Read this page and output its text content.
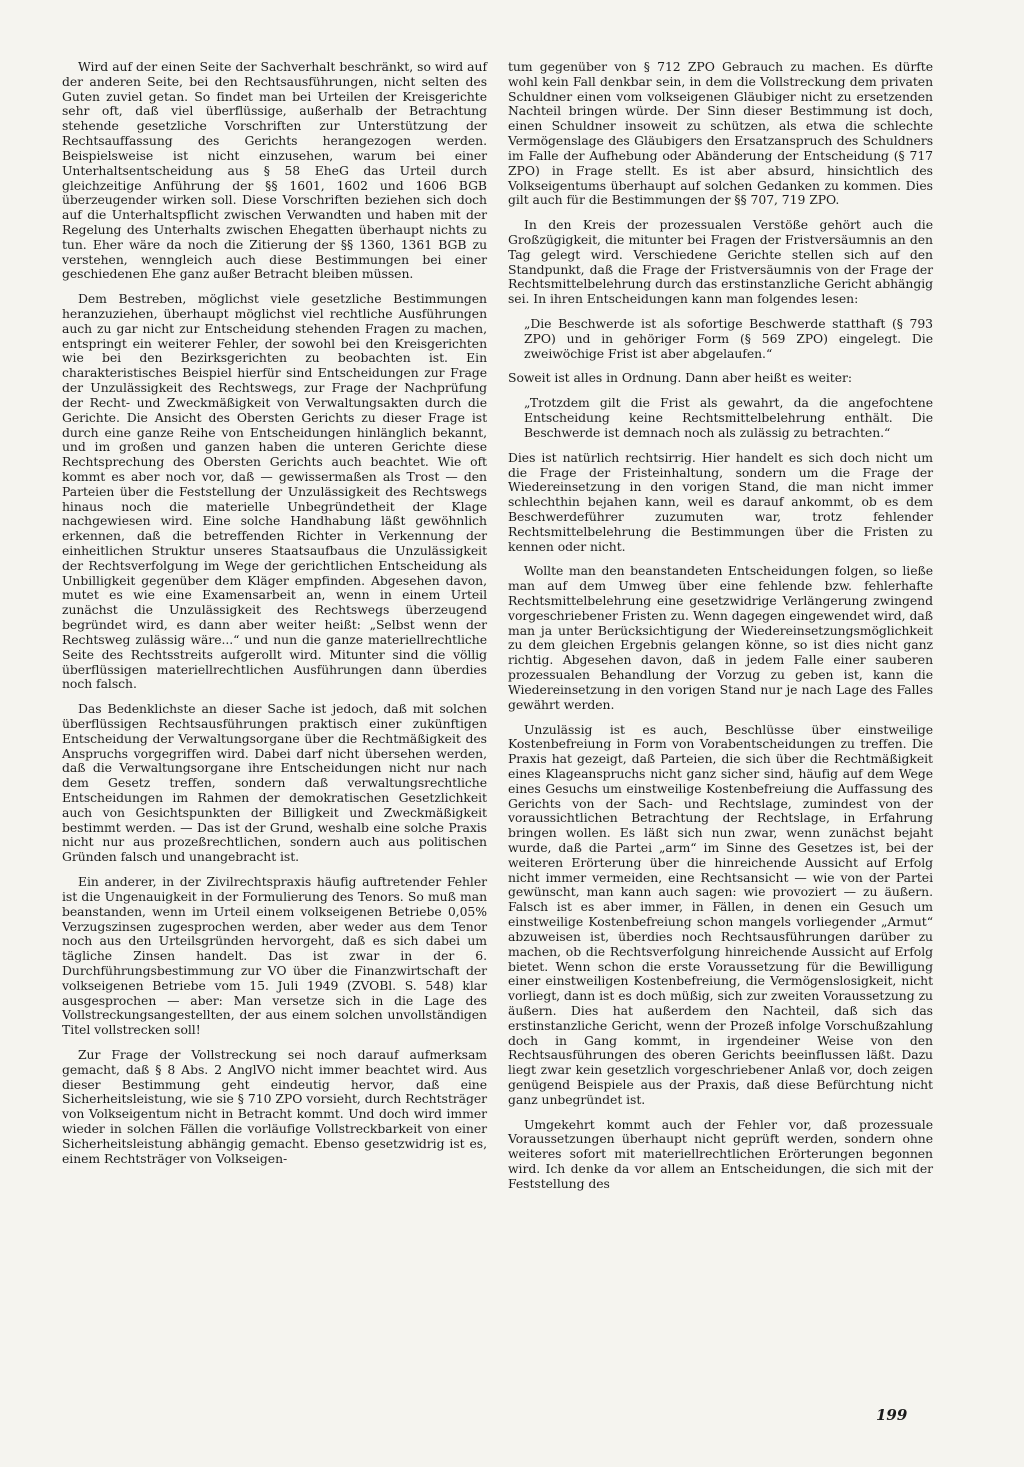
Wird auf der einen Seite der Sachverhalt beschränkt, so wird auf der anderen Seite, bei den Rechtsausführungen, nicht selten des Guten zuviel getan. So findet man bei Urteilen der Kreisgerichte sehr oft, daß viel überflüssige, außerhalb der Betrachtung stehende gesetzliche Vorschriften zur Unterstützung der Rechtsauffassung des Gerichts herangezogen werden. Beispielsweise ist nicht einzusehen, warum bei einer Unterhaltsentscheidung aus § 58 EheG das Urteil durch gleichzeitige Anführung der §§ 1601, 1602 und 1606 BGB überzeugender wirken soll. Diese Vorschriften beziehen sich doch auf die Unterhaltspflicht zwischen Verwandten und haben mit der Regelung des Unterhalts zwischen Ehegatten überhaupt nichts zu tun. Eher wäre da noch die Zitierung der §§ 1360, 1361 BGB zu verstehen, wenngleich auch diese Bestimmungen bei einer geschiedenen Ehe ganz außer Betracht bleiben müssen.

Dem Bestreben, möglichst viele gesetzliche Bestimmungen heranzuziehen, überhaupt möglichst viel rechtliche Ausführungen auch zu gar nicht zur Entscheidung stehenden Fragen zu machen, entspringt ein weiterer Fehler, der sowohl bei den Kreisgerichten wie bei den Bezirksgerichten zu beobachten ist. Ein charakteristisches Beispiel hierfür sind Entscheidungen zur Frage der Unzulässigkeit des Rechtswegs, zur Frage der Nachprüfung der Recht- und Zweckmäßigkeit von Verwaltungsakten durch die Gerichte. Die Ansicht des Obersten Gerichts zu dieser Frage ist durch eine ganze Reihe von Entscheidungen hinlänglich bekannt, und im großen und ganzen haben die unteren Gerichte diese Rechtsprechung des Obersten Gerichts auch beachtet. Wie oft kommt es aber noch vor, daß — gewissermaßen als Trost — den Parteien über die Feststellung der Unzulässigkeit des Rechtswegs hinaus noch die materielle Unbegründetheit der Klage nachgewiesen wird. Eine solche Handhabung läßt gewöhnlich erkennen, daß die betreffenden Richter in Verkennung der einheitlichen Struktur unseres Staatsaufbaus die Unzulässigkeit der Rechtsverfolgung im Wege der gerichtlichen Entscheidung als Unbilligkeit gegenüber dem Kläger empfinden. Abgesehen davon, mutet es wie eine Examensarbeit an, wenn in einem Urteil zunächst die Unzulässigkeit des Rechtswegs überzeugend begründet wird, es dann aber weiter heißt: „Selbst wenn der Rechtsweg zulässig wäre...“ und nun die ganze materiellrechtliche Seite des Rechtsstreits aufgerollt wird. Mitunter sind die völlig überflüssigen materiellrechtlichen Ausführungen dann überdies noch falsch.

Das Bedenklichste an dieser Sache ist jedoch, daß mit solchen überflüssigen Rechtsausführungen praktisch einer zukünftigen Entscheidung der Verwaltungsorgane über die Rechtmäßigkeit des Anspruchs vorgegriffen wird. Dabei darf nicht übersehen werden, daß die Verwaltungsorgane ihre Entscheidungen nicht nur nach dem Gesetz treffen, sondern daß verwaltungsrechtliche Entscheidungen im Rahmen der demokratischen Gesetzlichkeit auch von Gesichtspunkten der Billigkeit und Zweckmäßigkeit bestimmt werden. — Das ist der Grund, weshalb eine solche Praxis nicht nur aus prozeßrechtlichen, sondern auch aus politischen Gründen falsch und unangebracht ist.

Ein anderer, in der Zivilrechtspraxis häufig auftretender Fehler ist die Ungenauigkeit in der Formulierung des Tenors. So muß man beanstanden, wenn im Urteil einem volkseigenen Betriebe 0,05% Verzugszinsen zugesprochen werden, aber weder aus dem Tenor noch aus den Urteilsgründen hervorgeht, daß es sich dabei um tägliche Zinsen handelt. Das ist zwar in der 6. Durchführungsbestimmung zur VO über die Finanzwirtschaft der volkseigenen Betriebe vom 15. Juli 1949 (ZVOBl. S. 548) klar ausgesprochen — aber: Man versetze sich in die Lage des Vollstreckungsangestellten, der aus einem solchen unvollständigen Titel vollstrecken soll!

Zur Frage der Vollstreckung sei noch darauf aufmerksam gemacht, daß § 8 Abs. 2 AnglVO nicht immer beachtet wird. Aus dieser Bestimmung geht eindeutig hervor, daß eine Sicherheitsleistung, wie sie § 710 ZPO vorsieht, durch Rechtsträger von Volkseigentum nicht in Betracht kommt. Und doch wird immer wieder in solchen Fällen die vorläufige Vollstreckbarkeit von einer Sicherheitsleistung abhängig gemacht. Ebenso gesetzwidrig ist es, einem Rechtsträger von Volkseigen-

tum gegenüber von § 712 ZPO Gebrauch zu machen. Es dürfte wohl kein Fall denkbar sein, in dem die Vollstreckung dem privaten Schuldner einen vom volkseigenen Gläubiger nicht zu ersetzenden Nachteil bringen würde. Der Sinn dieser Bestimmung ist doch, einen Schuldner insoweit zu schützen, als etwa die schlechte Vermögenslage des Gläubigers den Ersatzanspruch des Schuldners im Falle der Aufhebung oder Abänderung der Entscheidung (§ 717 ZPO) in Frage stellt. Es ist aber absurd, hinsichtlich des Volkseigentums überhaupt auf solchen Gedanken zu kommen. Dies gilt auch für die Bestimmungen der §§ 707, 719 ZPO.

In den Kreis der prozessualen Verstöße gehört auch die Großzügigkeit, die mitunter bei Fragen der Fristversäumnis an den Tag gelegt wird. Verschiedene Gerichte stellen sich auf den Standpunkt, daß die Frage der Fristversäumnis von der Frage der Rechtsmittelbelehrung durch das erstinstanzliche Gericht abhängig sei. In ihren Entscheidungen kann man folgendes lesen:

„Die Beschwerde ist als sofortige Beschwerde statthaft (§ 793 ZPO) und in gehöriger Form (§ 569 ZPO) eingelegt. Die zweiwöchige Frist ist aber abgelaufen.“

Soweit ist alles in Ordnung. Dann aber heißt es weiter:

„Trotzdem gilt die Frist als gewahrt, da die angefochtene Entscheidung keine Rechtsmittelbelehrung enthält. Die Beschwerde ist demnach noch als zulässig zu betrachten.“

Dies ist natürlich rechtsirrig. Hier handelt es sich doch nicht um die Frage der Fristeinhaltung, sondern um die Frage der Wiedereinsetzung in den vorigen Stand, die man nicht immer schlechthin bejahen kann, weil es darauf ankommt, ob es dem Beschwerdeführer zuzumuten war, trotz fehlender Rechtsmittelbelehrung die Bestimmungen über die Fristen zu kennen oder nicht.

Wollte man den beanstandeten Entscheidungen folgen, so ließe man auf dem Umweg über eine fehlende bzw. fehlerhafte Rechtsmittelbelehrung eine gesetzwidrige Verlängerung zwingend vorgeschriebener Fristen zu. Wenn dagegen eingewendet wird, daß man ja unter Berücksichtigung der Wiedereinsetzungsmöglichkeit zu dem gleichen Ergebnis gelangen könne, so ist dies nicht ganz richtig. Abgesehen davon, daß in jedem Falle einer sauberen prozessualen Behandlung der Vorzug zu geben ist, kann die Wiedereinsetzung in den vorigen Stand nur je nach Lage des Falles gewährt werden.

Unzulässig ist es auch, Beschlüsse über einstweilige Kostenbefreiung in Form von Vorabentscheidungen zu treffen. Die Praxis hat gezeigt, daß Parteien, die sich über die Rechtmäßigkeit eines Klageanspruchs nicht ganz sicher sind, häufig auf dem Wege eines Gesuchs um einstweilige Kostenbefreiung die Auffassung des Gerichts von der Sach- und Rechtslage, zumindest von der voraussichtlichen Betrachtung der Rechtslage, in Erfahrung bringen wollen. Es läßt sich nun zwar, wenn zunächst bejaht wurde, daß die Partei „arm“ im Sinne des Gesetzes ist, bei der weiteren Erörterung über die hinreichende Aussicht auf Erfolg nicht immer vermeiden, eine Rechtsansicht — wie von der Partei gewünscht, man kann auch sagen: wie provoziert — zu äußern. Falsch ist es aber immer, in Fällen, in denen ein Gesuch um einstweilige Kostenbefreiung schon mangels vorliegender „Armut“ abzuweisen ist, überdies noch Rechtsausführungen darüber zu machen, ob die Rechtsverfolgung hinreichende Aussicht auf Erfolg bietet. Wenn schon die erste Voraussetzung für die Bewilligung einer einstweiligen Kostenbefreiung, die Vermögenslosigkeit, nicht vorliegt, dann ist es doch müßig, sich zur zweiten Voraussetzung zu äußern. Dies hat außerdem den Nachteil, daß sich das erstinstanzliche Gericht, wenn der Prozeß infolge Vorschußzahlung doch in Gang kommt, in irgendeiner Weise von den Rechtsausführungen des oberen Gerichts beeinflussen läßt. Dazu liegt zwar kein gesetzlich vorgeschriebener Anlaß vor, doch zeigen genügend Beispiele aus der Praxis, daß diese Befürchtung nicht ganz unbegründet ist.

Umgekehrt kommt auch der Fehler vor, daß prozessuale Voraussetzungen überhaupt nicht geprüft werden, sondern ohne weiteres sofort mit materiellrechtlichen Erörterungen begonnen wird. Ich denke da vor allem an Entscheidungen, die sich mit der Feststellung des

199
